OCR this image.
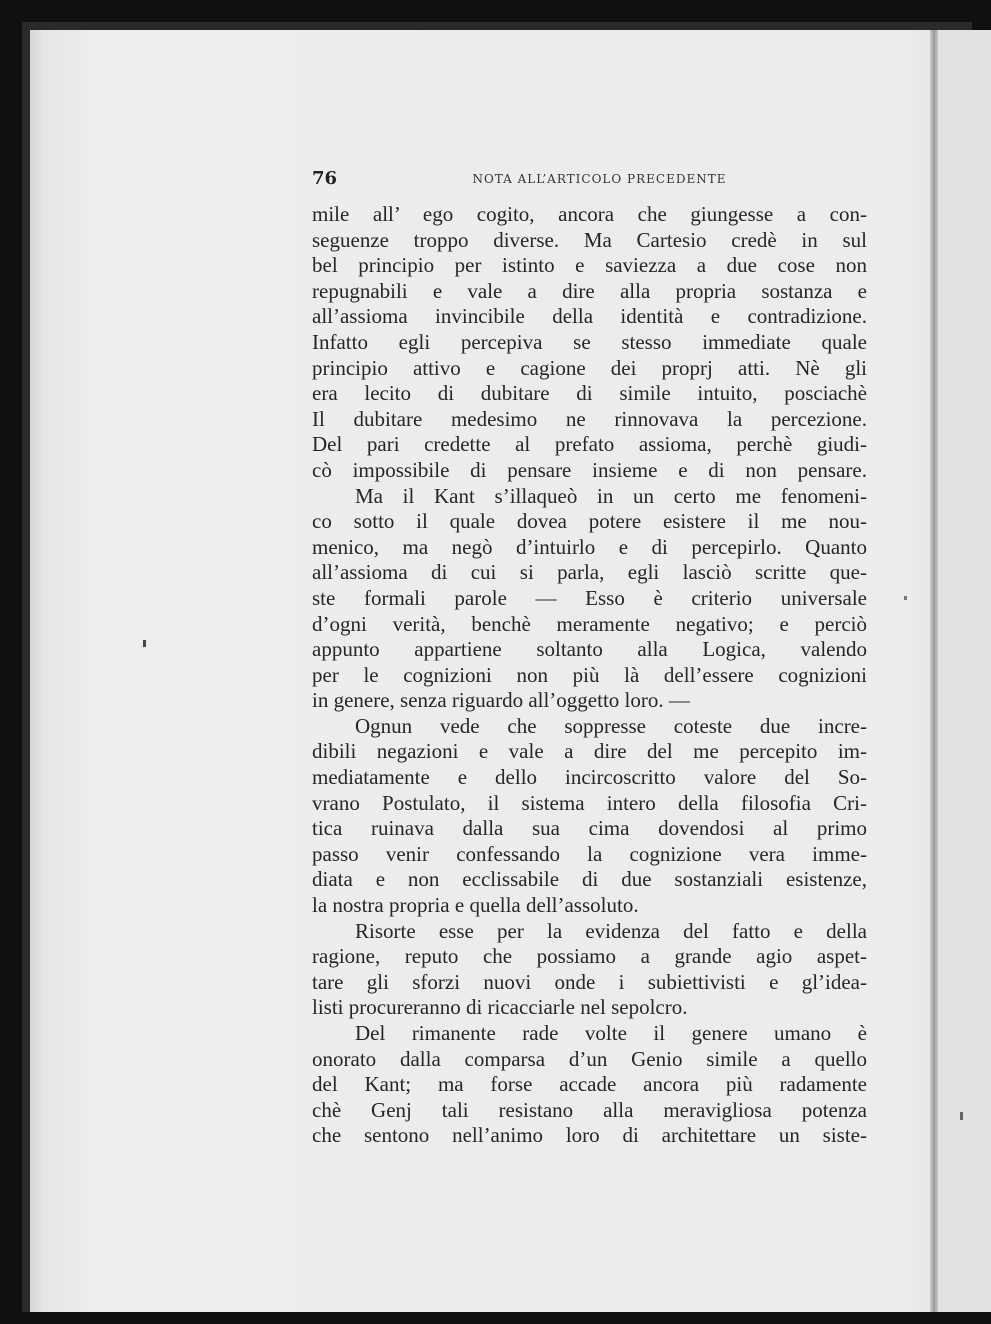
76	NOTA ALL’ARTICOLO PRECEDENTE
mile all’ ego cogito, ancora che giungesse a con-
seguenze troppo diverse. Ma Cartesio credè in sul
bel principio per istinto e saviezza a due cose non
repugnabili e vale a dire alla propria sostanza e
all’assioma invincibile della identità e contradizione.
Infatto egli percepiva se stesso immediate quale
principio attivo e cagione dei proprj atti. Nè gli
era lecito di dubitare di simile intuito, posciachè
Il dubitare medesimo ne rinnovava la percezione.
Del pari credette al prefato assioma, perchè giudi-
cò impossibile di pensare insieme e di non pensare.
Ma il Kant s’illaqueò in un certo me fenomeni-
co sotto il quale dovea potere esistere il me nou-
menico, ma negò d’intuirlo e di percepirlo. Quanto
all’assioma di cui si parla, egli lasciò scritte que-
ste formali parole — Esso è criterio universale
d’ogni verità, benchè meramente negativo; e perciò
appunto appartiene soltanto alla Logica, valendo
per le cognizioni non più là dell’essere cognizioni
in genere, senza riguardo all’oggetto loro. —
Ognun vede che soppresse coteste due incre-
dibili negazioni e vale a dire del me percepito im-
mediatamente e dello incircoscritto valore del So-
vrano Postulato, il sistema intero della filosofia Cri-
tica ruinava dalla sua cima dovendosi al primo
passo venir confessando la cognizione vera imme-
diata e non ecclissabile di due sostanziali esistenze,
la nostra propria e quella dell’assoluto.
Risorte esse per la evidenza del fatto e della
ragione, reputo che possiamo a grande agio aspet-
tare gli sforzi nuovi onde i subiettivisti e gl’idea-
listi procureranno di ricacciarle nel sepolcro.
Del rimanente rade volte il genere umano è
onorato dalla comparsa d’un Genio simile a quello
del Kant; ma forse accade ancora più radamente
chè Genj tali resistano alla meravigliosa potenza
che sentono nell’animo loro di architettare un siste-
